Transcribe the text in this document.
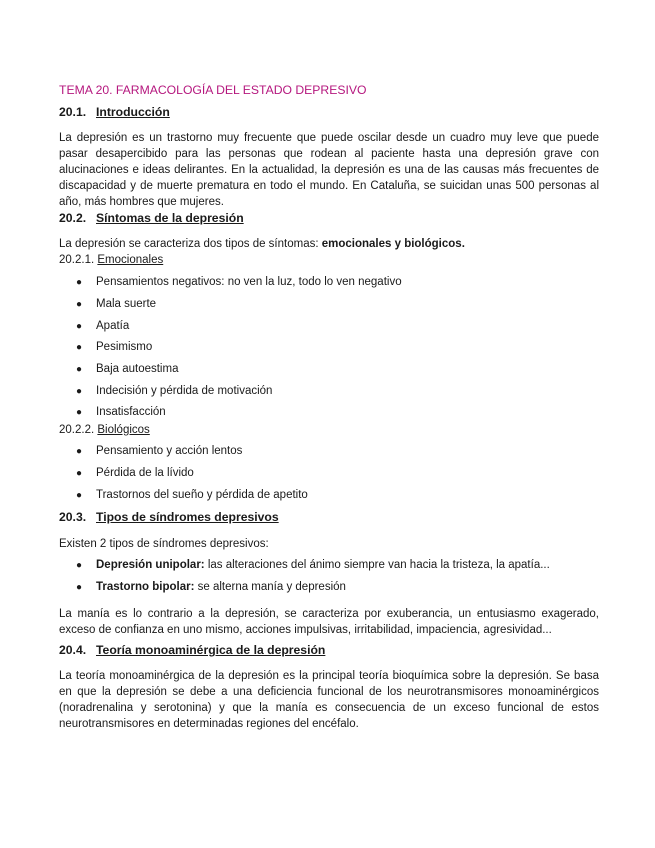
TEMA 20. FARMACOLOGÍA DEL ESTADO DEPRESIVO
20.1. Introducción

La depresión es un trastorno muy frecuente que puede oscilar desde un cuadro muy leve que puede pasar desapercibido para las personas que rodean al paciente hasta una depresión grave con alucinaciones e ideas delirantes. En la actualidad, la depresión es una de las causas más frecuentes de discapacidad y de muerte prematura en todo el mundo. En Cataluña, se suicidan unas 500 personas al año, más hombres que mujeres.

20.2. Síntomas de la depresión

La depresión se caracteriza dos tipos de síntomas: emocionales y biológicos.

20.2.1. Emocionales
● Pensamientos negativos: no ven la luz, todo lo ven negativo
● Mala suerte
● Apatía
● Pesimismo
● Baja autoestima
● Indecisión y pérdida de motivación
● Insatisfacción
20.2.2. Biológicos
● Pensamiento y acción lentos
● Pérdida de la lívido
● Trastornos del sueño y pérdida de apetito
20.3. Tipos de síndromes depresivos

Existen 2 tipos de síndromes depresivos:

● Depresión unipolar: las alteraciones del ánimo siempre van hacia la tristeza, la apatía...
● Trastorno bipolar: se alterna manía y depresión

La manía es lo contrario a la depresión, se caracteriza por exuberancia, un entusiasmo exagerado, exceso de confianza en uno mismo, acciones impulsivas, irritabilidad, impaciencia, agresividad...

20.4. Teoría monoaminérgica de la depresión

La teoría monoaminérgica de la depresión es la principal teoría bioquímica sobre la depresión. Se basa en que la depresión se debe a una deficiencia funcional de los neurotransmisores monoaminérgicos (noradrenalina y serotonina) y que la manía es consecuencia de un exceso funcional de estos neurotransmisores en determinadas regiones del encéfalo.
